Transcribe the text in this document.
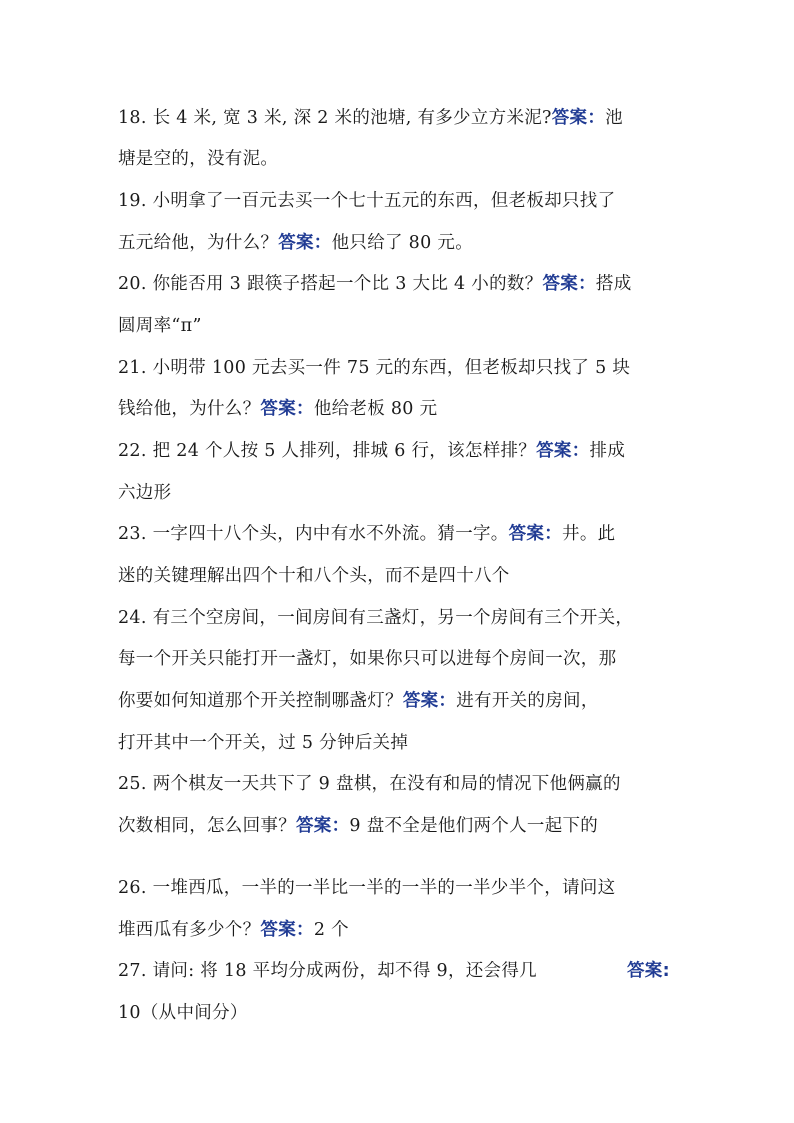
18. 长 4 米, 宽 3 米, 深 2 米的池塘, 有多少立方米泥?答案：池
塘是空的，没有泥。
19. 小明拿了一百元去买一个七十五元的东西，但老板却只找了
五元给他，为什么？答案：他只给了 80 元。
20. 你能否用 3 跟筷子搭起一个比 3 大比 4 小的数？答案：搭成
圆周率“π”
21. 小明带 100 元去买一件 75 元的东西，但老板却只找了 5 块
钱给他，为什么？答案：他给老板 80 元
22. 把 24 个人按 5 人排列，排城 6 行，该怎样排？答案：排成
六边形
23. 一字四十八个头，内中有水不外流。猜一字。答案：井。此
迷的关键理解出四个十和八个头，而不是四十八个
24. 有三个空房间，一间房间有三盏灯，另一个房间有三个开关，
每一个开关只能打开一盏灯，如果你只可以进每个房间一次，那
你要如何知道那个开关控制哪盏灯？答案：进有开关的房间，
打开其中一个开关，过 5 分钟后关掉
25. 两个棋友一天共下了 9 盘棋，在没有和局的情况下他俩赢的
次数相同，怎么回事？答案：9 盘不全是他们两个人一起下的
26. 一堆西瓜，一半的一半比一半的一半的一半少半个，请问这
堆西瓜有多少个？答案：2 个
27. 请问: 将 18 平均分成两份，却不得 9，还会得几	答案:
10（从中间分）
